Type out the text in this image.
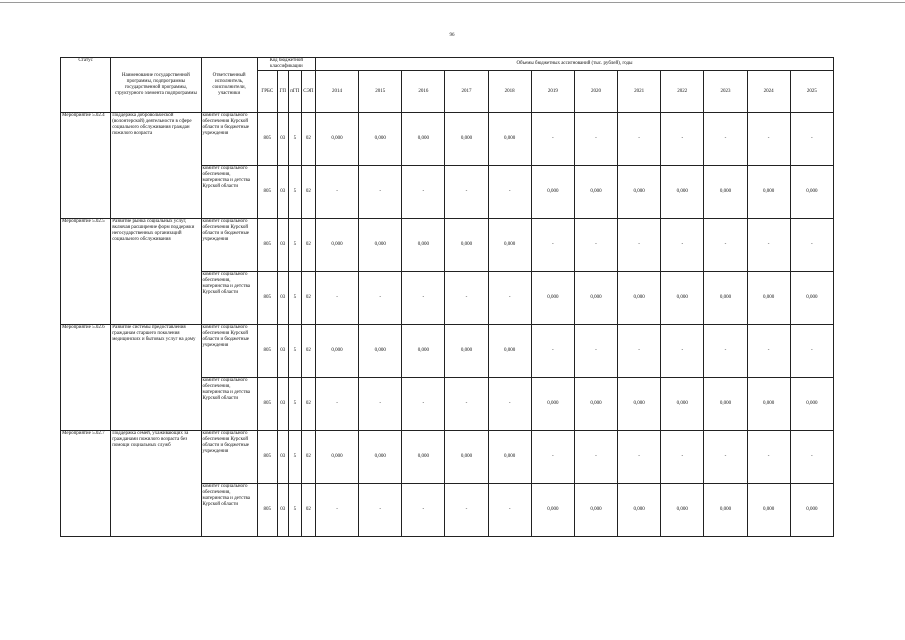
96
Статус	Наименование государственной программы, подпрограммы государственной программы, структурного элемента подпрограммы	Ответственный исполнитель, соисполнители, участники	Код бюджетной классификации				Объемы бюджетных ассигнований (тыс. рублей), годы											
			ГРБС	ГП	пГП	СЭП	2014	2015	2016	2017	2018	2019	2020	2021	2022	2023	2024	2025
Мероприятие 5.02.4	Поддержка добровольческой (волонтерской) деятельности в сфере социального обслуживания граждан пожилого возраста	комитет социального обеспечения Курской области и бюджетные учреждения	805	03	5	02	0,000	0,000	0,000	0,000	0,000	-	-	-	-	-	-	-
		комитет социального обеспечения, материнства и детства Курской области	805	03	5	02	-	-	-	-	-	0,000	0,000	0,000	0,000	0,000	0,000	0,000
Мероприятие 5.02.5	Развитие рынка социальных услуг, включая расширение форм поддержки негосударственных организаций социального обслуживания	комитет социального обеспечения Курской области и бюджетные учреждения	805	03	5	02	0,000	0,000	0,000	0,000	0,000	-	-	-	-	-	-	-
		комитет социального обеспечения, материнства и детства Курской области	805	03	5	02	-	-	-	-	-	0,000	0,000	0,000	0,000	0,000	0,000	0,000
Мероприятие 5.02.6	Развитие системы предоставления гражданам старшего поколения медицинских и бытовых услуг на дому	комитет социального обеспечения Курской области и бюджетные учреждения	805	03	5	02	0,000	0,000	0,000	0,000	0,000	-	-	-	-	-	-	-
		комитет социального обеспечения, материнства и детства Курской области	805	03	5	02	-	-	-	-	-	0,000	0,000	0,000	0,000	0,000	0,000	0,000
Мероприятие 5.02.7	Поддержка семей, ухаживающих за гражданами пожилого возраста без помощи социальных служб	комитет социального обеспечения Курской области и бюджетные учреждения	805	03	5	02	0,000	0,000	0,000	0,000	0,000	-	-	-	-	-	-	-
		комитет социального обеспечения, материнства и детства Курской области	805	03	5	02	-	-	-	-	-	0,000	0,000	0,000	0,000	0,000	0,000	0,000
